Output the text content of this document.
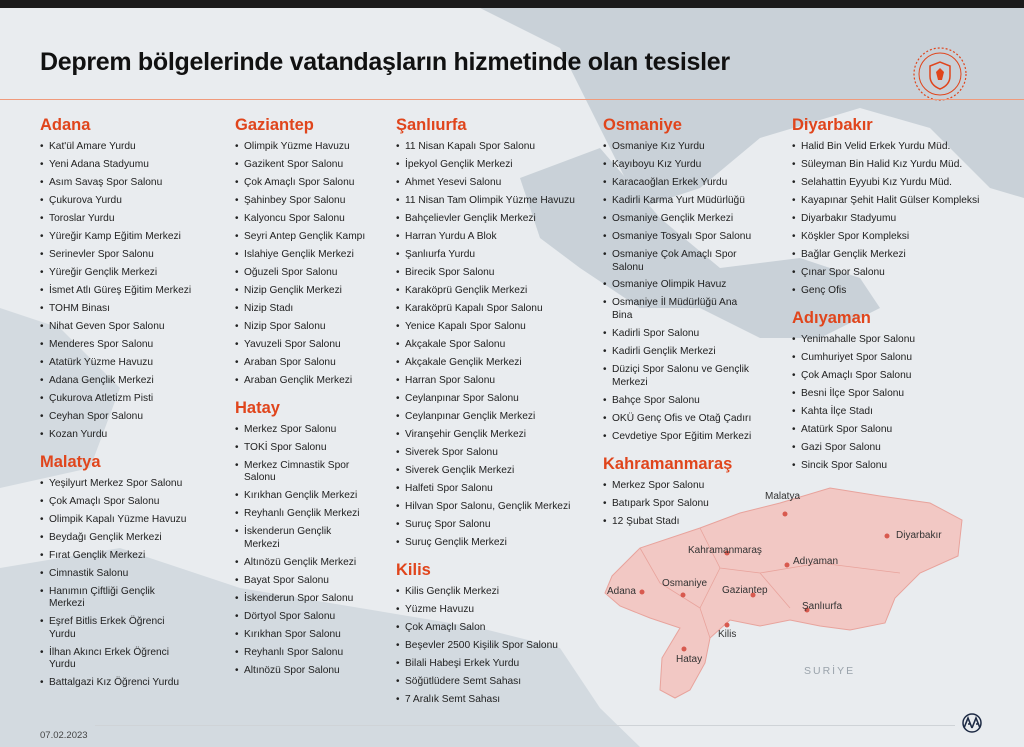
Adana
Osmaniye
Gaziantep
Kahramanmaraş
Malatya
Adıyaman
Diyarbakır
Şanlıurfa
Kilis
Hatay
SURİYE
Deprem bölgelerinde vatandaşların hizmetinde olan tesisler
Adana
• Kat'ül Amare Yurdu
• Yeni Adana Stadyumu
• Asım Savaş Spor Salonu
• Çukurova Yurdu
• Toroslar Yurdu
• Yüreğir Kamp Eğitim Merkezi
• Serinevler Spor Salonu
• Yüreğir Gençlik Merkezi
• İsmet Atlı Güreş Eğitim Merkezi
• TOHM Binası
• Nihat Geven Spor Salonu
• Menderes Spor Salonu
• Atatürk Yüzme Havuzu
• Adana Gençlik Merkezi
• Çukurova Atletizm Pisti
• Ceyhan Spor Salonu
• Kozan Yurdu
Malatya
• Yeşilyurt Merkez Spor Salonu
• Çok Amaçlı Spor Salonu
• Olimpik Kapalı Yüzme Havuzu
• Beydağı Gençlik Merkezi
• Fırat Gençlik Merkezi
• Cimnastik Salonu
• Hanımın Çiftliği Gençlik Merkezi
• Eşref Bitlis Erkek Öğrenci Yurdu
• İlhan Akıncı Erkek Öğrenci Yurdu
• Battalgazi Kız Öğrenci Yurdu
Gaziantep
• Olimpik Yüzme Havuzu
• Gazikent Spor Salonu
• Çok Amaçlı Spor Salonu
• Şahinbey Spor Salonu
• Kalyoncu Spor Salonu
• Seyri Antep Gençlik Kampı
• Islahiye Gençlik Merkezi
• Oğuzeli Spor Salonu
• Nizip Gençlik Merkezi
• Nizip Stadı
• Nizip Spor Salonu
• Yavuzeli Spor Salonu
• Araban Spor Salonu
• Araban Gençlik Merkezi
Hatay
• Merkez Spor Salonu
• TOKİ Spor Salonu
• Merkez Cimnastik Spor Salonu
• Kırıkhan Gençlik Merkezi
• Reyhanlı Gençlik Merkezi
• İskenderun Gençlik Merkezi
• Altınözü Gençlik Merkezi
• Bayat Spor Salonu
• İskenderun Spor Salonu
• Dörtyol Spor Salonu
• Kırıkhan Spor Salonu
• Reyhanlı Spor Salonu
• Altınözü Spor Salonu
Şanlıurfa
• 11 Nisan Kapalı Spor Salonu
• İpekyol Gençlik Merkezi
• Ahmet Yesevi Salonu
• 11 Nisan Tam Olimpik Yüzme Havuzu
• Bahçelievler Gençlik Merkezi
• Harran Yurdu A Blok
• Şanlıurfa Yurdu
• Birecik Spor Salonu
• Karaköprü Gençlik Merkezi
• Karaköprü Kapalı Spor Salonu
• Yenice Kapalı Spor Salonu
• Akçakale Spor Salonu
• Akçakale Gençlik Merkezi
• Harran Spor Salonu
• Ceylanpınar Spor Salonu
• Ceylanpınar Gençlik Merkezi
• Viranşehir Gençlik Merkezi
• Siverek Spor Salonu
• Siverek Gençlik Merkezi
• Halfeti Spor Salonu
• Hilvan Spor Salonu, Gençlik Merkezi
• Suruç Spor Salonu
• Suruç Gençlik Merkezi
Kilis
• Kilis Gençlik Merkezi
• Yüzme Havuzu
• Çok Amaçlı Salon
• Beşevler 2500 Kişilik Spor Salonu
• Bilali Habeşi Erkek Yurdu
• Söğütlüdere Semt Sahası
• 7 Aralık Semt Sahası
Osmaniye
• Osmaniye Kız Yurdu
• Kayıboyu Kız Yurdu
• Karacaoğlan Erkek Yurdu
• Kadirli Karma Yurt Müdürlüğü
• Osmaniye Gençlik Merkezi
• Osmaniye Tosyalı Spor Salonu
• Osmaniye Çok Amaçlı Spor Salonu
• Osmaniye Olimpik Havuz
• Osmaniye İl Müdürlüğü Ana Bina
• Kadirli Spor Salonu
• Kadirli Gençlik Merkezi
• Düziçi Spor Salonu ve Gençlik Merkezi
• Bahçe Spor Salonu
• OKÜ Genç Ofis ve Otağ Çadırı
• Cevdetiye Spor Eğitim Merkezi
Kahramanmaraş
• Merkez Spor Salonu
• Batıpark Spor Salonu
• 12 Şubat Stadı
Diyarbakır
• Halid Bin Velid Erkek Yurdu Müd.
• Süleyman Bin Halid Kız Yurdu Müd.
• Selahattin Eyyubi Kız Yurdu Müd.
• Kayapınar Şehit Halit Gülser Kompleksi
• Diyarbakır Stadyumu
• Köşkler Spor Kompleksi
• Bağlar Gençlik Merkezi
• Çınar Spor Salonu
• Genç Ofis
Adıyaman
• Yenimahalle Spor Salonu
• Cumhuriyet Spor Salonu
• Çok Amaçlı Spor Salonu
• Besni İlçe Spor Salonu
• Kahta İlçe Stadı
• Atatürk Spor Salonu
• Gazi Spor Salonu
• Sincik Spor Salonu
07.02.2023
